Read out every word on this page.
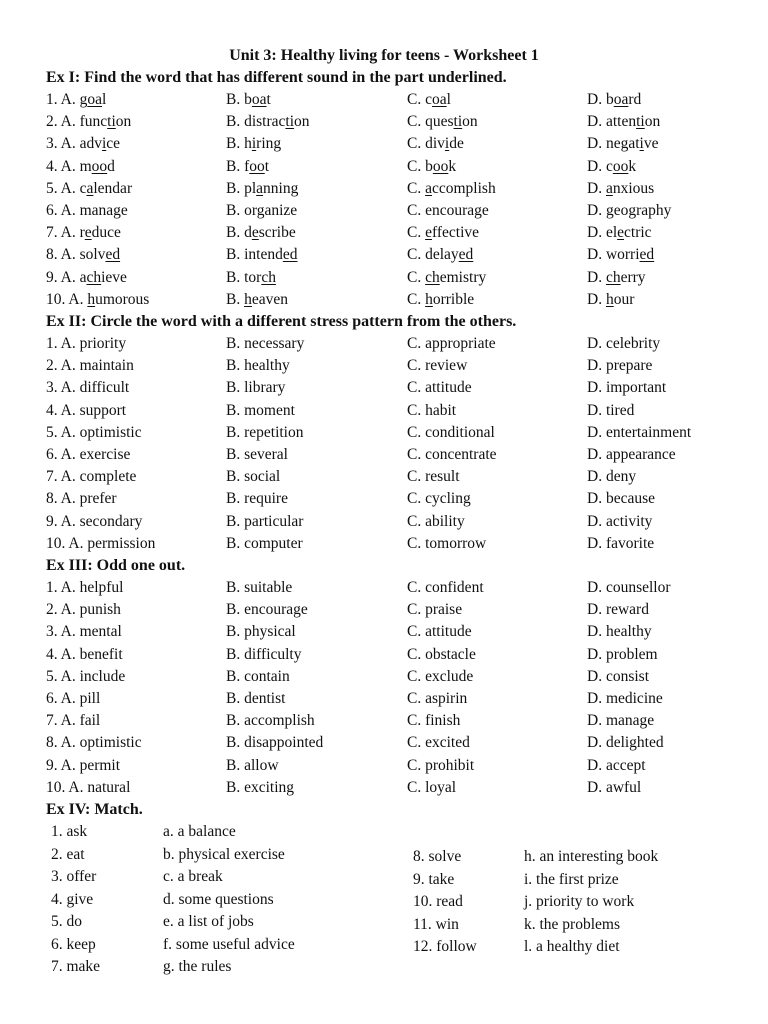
Unit 3: Healthy living for teens - Worksheet 1
Ex I: Find the word that has different sound in the part underlined.
1. A. goal	B. boat	C. coal	D. board
2. A. function	B. distraction	C. question	D. attention
3. A. advice	B. hiring	C. divide	D. negative
4. A. mood	B. foot	C. book	D. cook
5. A. calendar	B. planning	C. accomplish	D. anxious
6. A. manage	B. organize	C. encourage	D. geography
7. A. reduce	B. describe	C. effective	D. electric
8. A. solved	B. intended	C. delayed	D. worried
9. A. achieve	B. torch	C. chemistry	D. cherry
10. A. humorous	B. heaven	C. horrible	D. hour
Ex II: Circle the word with a different stress pattern from the others.
1. A. priority	B. necessary	C. appropriate	D. celebrity
2. A. maintain	B. healthy	C. review	D. prepare
3. A. difficult	B. library	C. attitude	D. important
4. A. support	B. moment	C. habit	D. tired
5. A. optimistic	B. repetition	C. conditional	D. entertainment
6. A. exercise	B. several	C. concentrate	D. appearance
7. A. complete	B. social	C. result	D. deny
8. A. prefer	B. require	C. cycling	D. because
9. A. secondary	B. particular	C. ability	D. activity
10. A. permission	B. computer	C. tomorrow	D. favorite
Ex III: Odd one out.
1. A. helpful	B. suitable	C. confident	D. counsellor
2. A. punish	B. encourage	C. praise	D. reward
3. A. mental	B. physical	C. attitude	D. healthy
4. A. benefit	B. difficulty	C. obstacle	D. problem
5. A. include	B. contain	C. exclude	D. consist
6. A. pill	B. dentist	C. aspirin	D. medicine
7. A. fail	B. accomplish	C. finish	D. manage
8. A. optimistic	B. disappointed	C. excited	D. delighted
9. A. permit	B. allow	C. prohibit	D. accept
10. A. natural	B. exciting	C. loyal	D. awful
Ex IV: Match.
1. ask	a. a balance
2. eat	b. physical exercise
3. offer	c. a break
4. give	d. some questions
5. do	e. a list of jobs
6. keep	f. some useful advice
7. make	g. the rules
8. solve	h. an interesting book
9. take	i. the first prize
10. read	j. priority to work
11. win	k. the problems
12. follow	l. a healthy diet
